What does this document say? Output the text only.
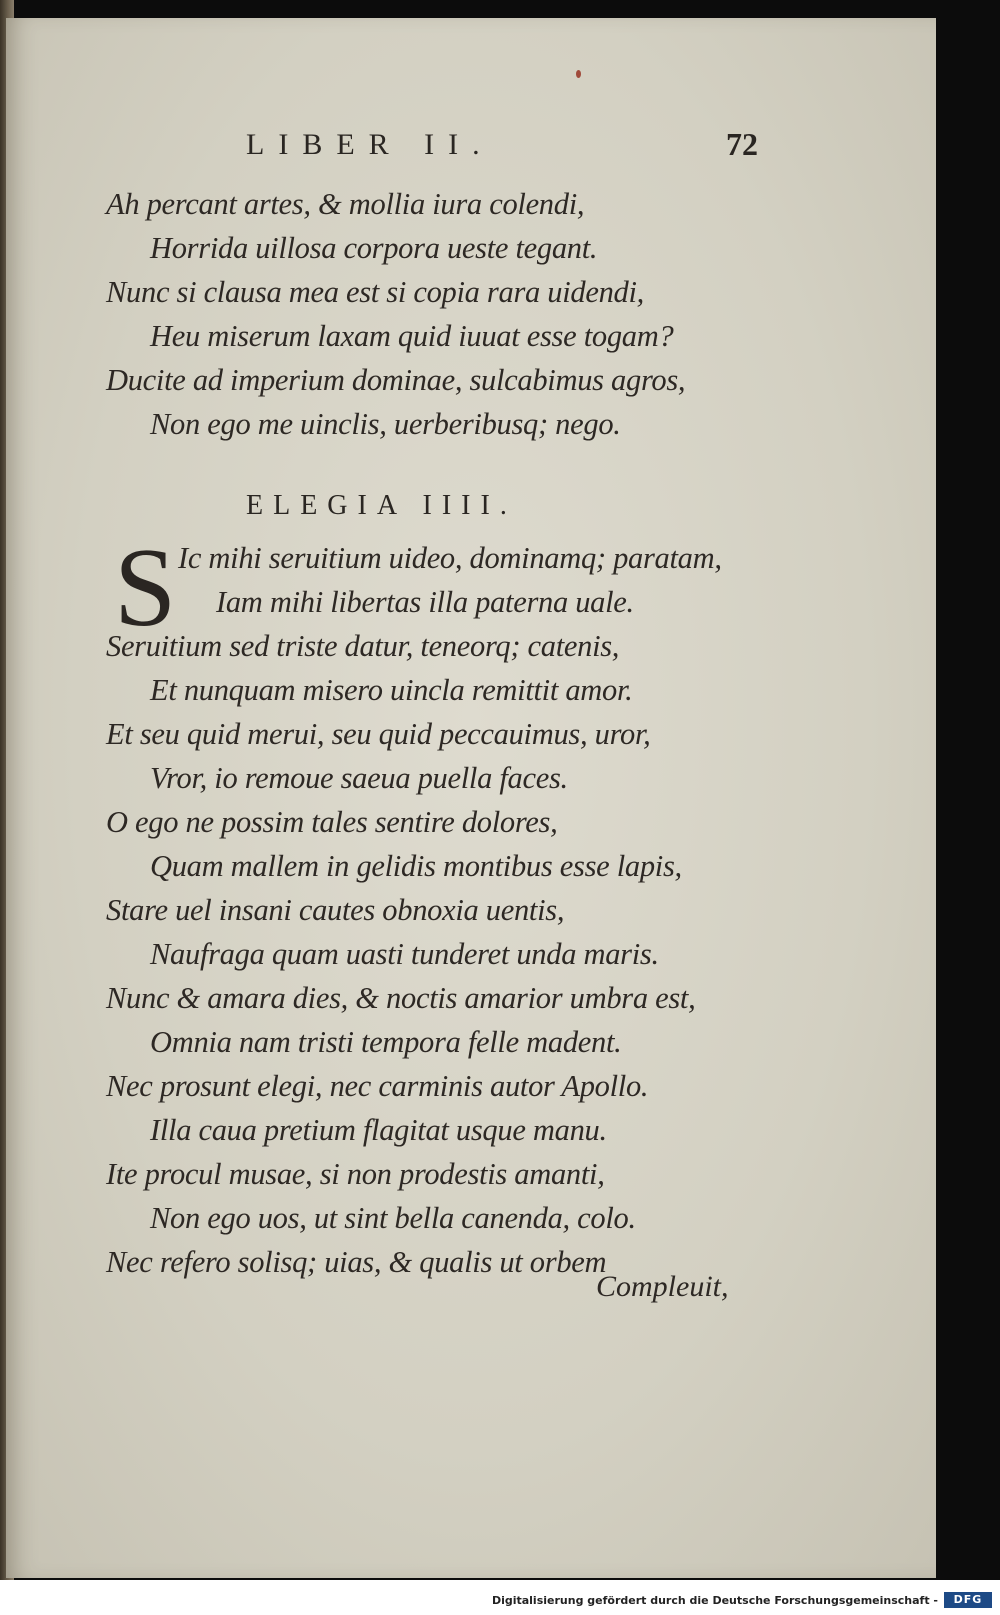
LIBER II.	72
Ah percant artes, & mollia iura colendi,
Horrida uillosa corpora ueste tegant.
Nunc si clausa mea est si copia rara uidendi,
Heu miserum laxam quid iuuat esse togam?
Ducite ad imperium dominae, sulcabimus agros,
Non ego me uinclis, uerberibusq; nego.
ELEGIA IIII.
S Ic mihi seruitium uideo, dominamq; paratam,
Iam mihi libertas illa paterna uale.
Seruitium sed triste datur, teneorq; catenis,
Et nunquam misero uincla remittit amor.
Et seu quid merui, seu quid peccauimus, uror,
Vror, io remoue saeua puella faces.
O ego ne possim tales sentire dolores,
Quam mallem in gelidis montibus esse lapis,
Stare uel insani cautes obnoxia uentis,
Naufraga quam uasti tunderet unda maris.
Nunc & amara dies, & noctis amarior umbra est,
Omnia nam tristi tempora felle madent.
Nec prosunt elegi, nec carminis autor Apollo.
Illa caua pretium flagitat usque manu.
Ite procul musae, si non prodestis amanti,
Non ego uos, ut sint bella canenda, colo.
Nec refero solisq; uias, & qualis ut orbem
Compleuit,
Digitalisierung gefördert durch die Deutsche Forschungsgemeinschaft -	DFG
